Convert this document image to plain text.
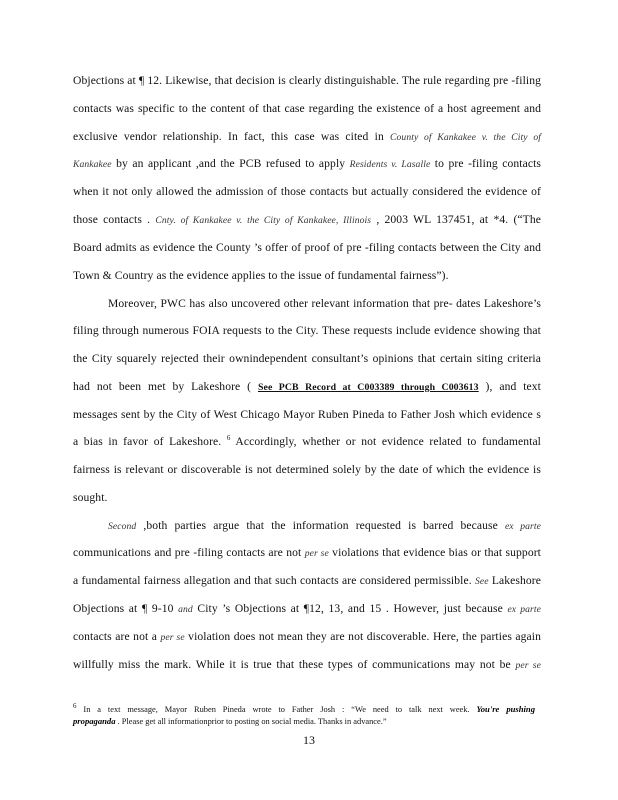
Objections at ¶ 12. Likewise, that decision is clearly distinguishable. The rule regarding pre -filing
contacts was specific to the content of that case regarding the existence of a host agreement and
exclusive vendor relationship. In fact, this case was cited in County of Kankakee v. the City of
Kankakee by an applicant ,and the PCB refused to apply Residents v. Lasalle to pre -filing contacts
when it not only allowed the admission of those contacts but actually considered the evidence of
those contacts . Cnty. of Kankakee v. the City of Kankakee, Illinois , 2003 WL 137451, at *4. (“The
Board admits as evidence the County ’s offer of proof of pre -filing contacts between the City and
Town & Country as the evidence applies to the issue of fundamental fairness”).
Moreover, PWC has also uncovered other relevant information that pre- dates Lakeshore’s
filing through numerous FOIA requests to the City. These requests include evidence showing that
the City squarely rejected their ownindependent consultant’s opinions that certain siting criteria
had not been met by Lakeshore ( See PCB Record at C003389 through C003613 ), and text
messages sent by the City of West Chicago Mayor Ruben Pineda to Father Josh which evidence s
a bias in favor of Lakeshore. $^6$ Accordingly, whether or not evidence related to fundamental
fairness is relevant or discoverable is not determined solely by the date of which the evidence is
sought.
Second ,both parties argue that the information requested is barred because ex parte
communications and pre -filing contacts are not per se violations that evidence bias or that support
a fundamental fairness allegation and that such contacts are considered permissible. See Lakeshore
Objections at ¶ 9-10 and City ’s Objections at ¶12, 13, and 15 . However, just because ex parte
contacts are not a per se violation does not mean they are not discoverable. Here, the parties again
willfully miss the mark. While it is true that these types of communications may not be per se
$^6$ In a text message, Mayor Ruben Pineda wrote to Father Josh : “We need to talk next week. You're pushing
propaganda . Please get all informationprior to posting on social media. Thanks in advance.”
13
